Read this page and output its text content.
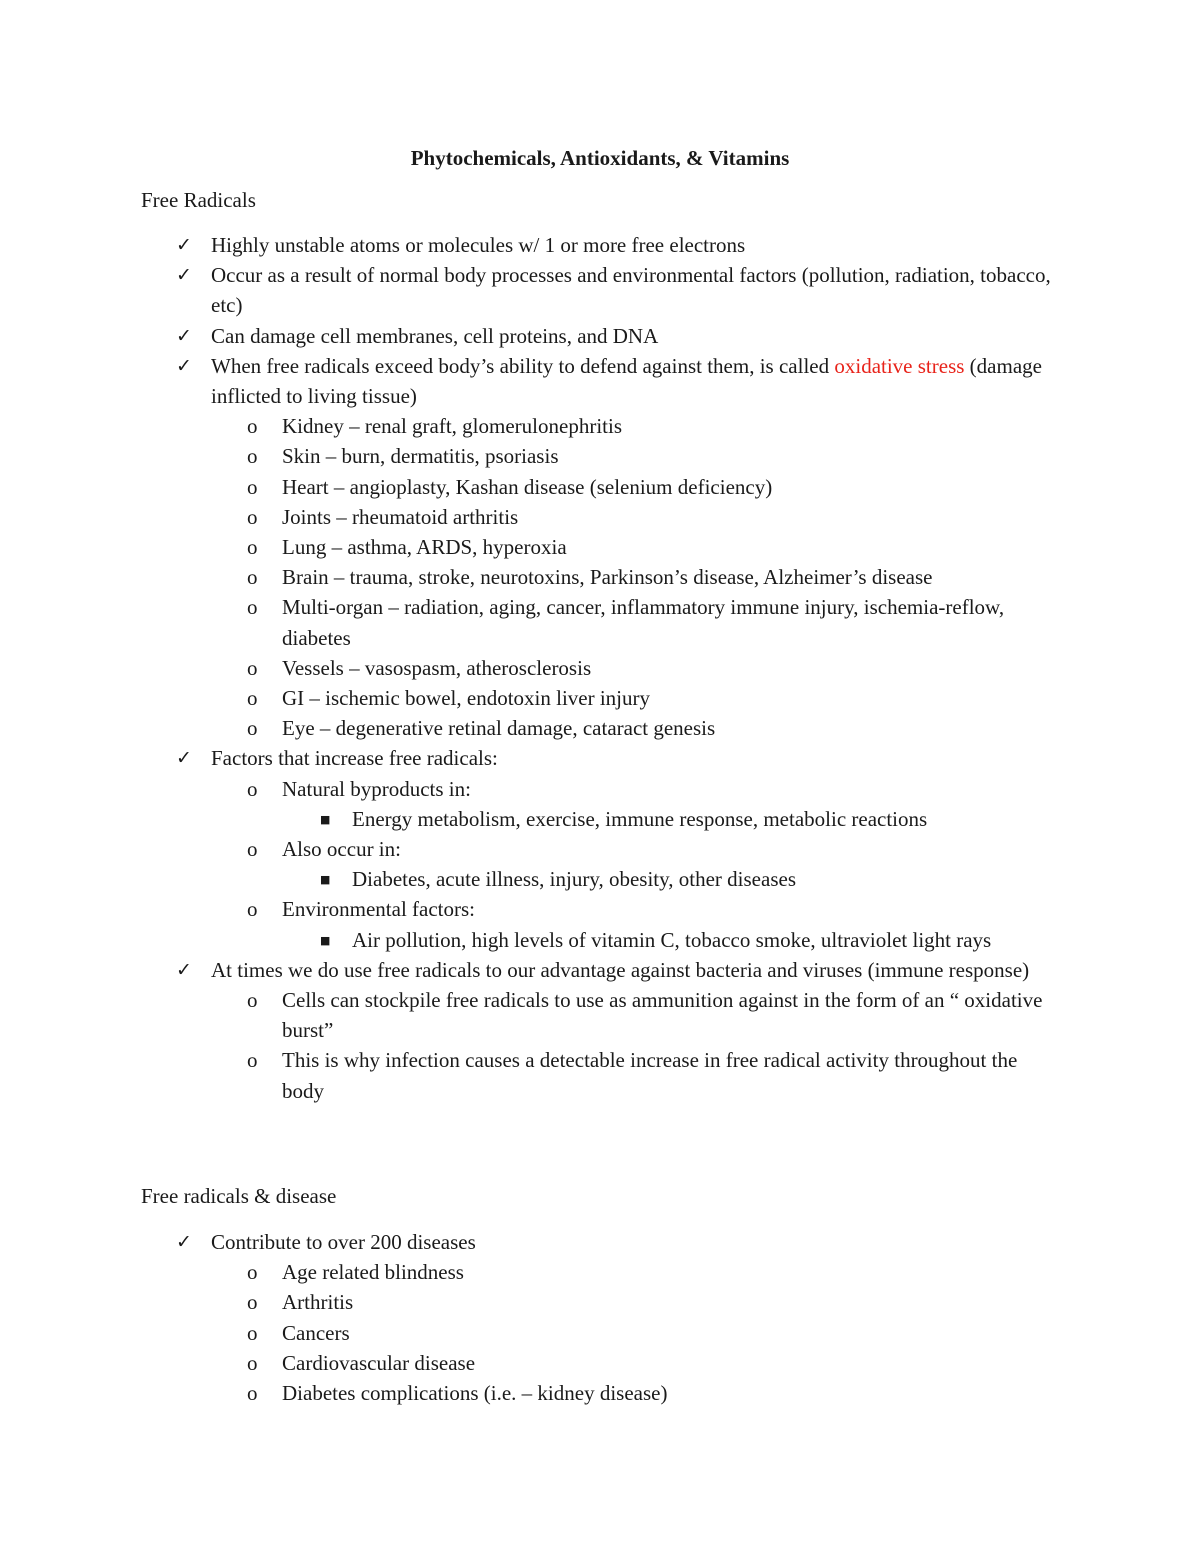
Phytochemicals, Antioxidants, & Vitamins
Free Radicals
✓ Highly unstable atoms or molecules w/ 1 or more free electrons
✓ Occur as a result of normal body processes and environmental factors (pollution, radiation, tobacco, etc)
✓ Can damage cell membranes, cell proteins, and DNA
✓ When free radicals exceed body’s ability to defend against them, is called oxidative stress (damage inflicted to living tissue)
o Kidney – renal graft, glomerulonephritis
o Skin – burn, dermatitis, psoriasis
o Heart – angioplasty, Kashan disease (selenium deficiency)
o Joints – rheumatoid arthritis
o Lung – asthma, ARDS, hyperoxia
o Brain – trauma, stroke, neurotoxins, Parkinson’s disease, Alzheimer’s disease
o Multi-organ – radiation, aging, cancer, inflammatory immune injury, ischemia-reflow, diabetes
o Vessels – vasospasm, atherosclerosis
o GI – ischemic bowel, endotoxin liver injury
o Eye – degenerative retinal damage, cataract genesis
✓ Factors that increase free radicals:
o Natural byproducts in:
■ Energy metabolism, exercise, immune response, metabolic reactions
o Also occur in:
■ Diabetes, acute illness, injury, obesity, other diseases
o Environmental factors:
■ Air pollution, high levels of vitamin C, tobacco smoke, ultraviolet light rays
✓ At times we do use free radicals to our advantage against bacteria and viruses (immune response)
o Cells can stockpile free radicals to use as ammunition against in the form of an “ oxidative burst”
o This is why infection causes a detectable increase in free radical activity throughout the body
Free radicals & disease
✓ Contribute to over 200 diseases
o Age related blindness
o Arthritis
o Cancers
o Cardiovascular disease
o Diabetes complications (i.e. – kidney disease)
